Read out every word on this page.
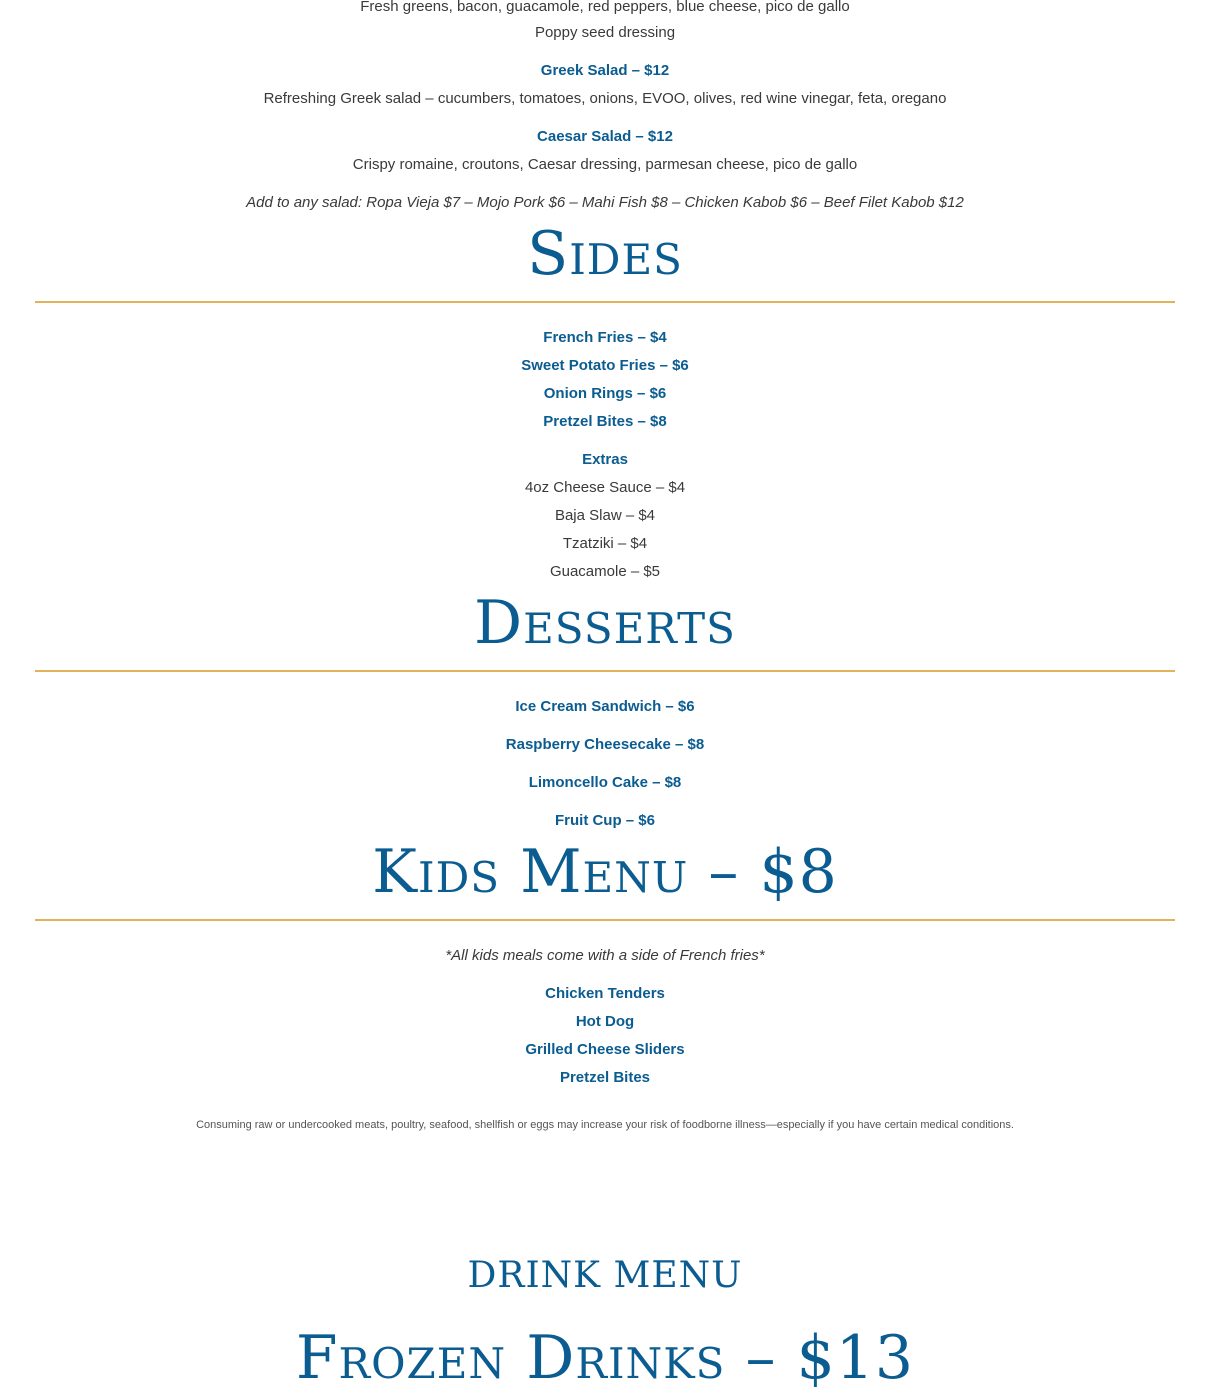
Fresh greens, bacon, guacamole, red peppers, blue cheese, pico de gallo
Poppy seed dressing
Greek Salad – $12
Refreshing Greek salad – cucumbers, tomatoes, onions, EVOO, olives, red wine vinegar, feta, oregano
Caesar Salad – $12
Crispy romaine, croutons, Caesar dressing, parmesan cheese, pico de gallo
Add to any salad: Ropa Vieja $7 – Mojo Pork $6 – Mahi Fish $8 – Chicken Kabob $6 – Beef Filet Kabob $12
Sides
French Fries – $4
Sweet Potato Fries – $6
Onion Rings – $6
Pretzel Bites – $8
Extras
4oz Cheese Sauce – $4
Baja Slaw – $4
Tzatziki – $4
Guacamole – $5
Desserts
Ice Cream Sandwich – $6
Raspberry Cheesecake – $8
Limoncello Cake – $8
Fruit Cup – $6
Kids Menu – $8
*All kids meals come with a side of French fries*
Chicken Tenders
Hot Dog
Grilled Cheese Sliders
Pretzel Bites
Consuming raw or undercooked meats, poultry, seafood, shellfish or eggs may increase your risk of foodborne illness—especially if you have certain medical conditions.
DRINK MENU
Frozen Drinks – $13
